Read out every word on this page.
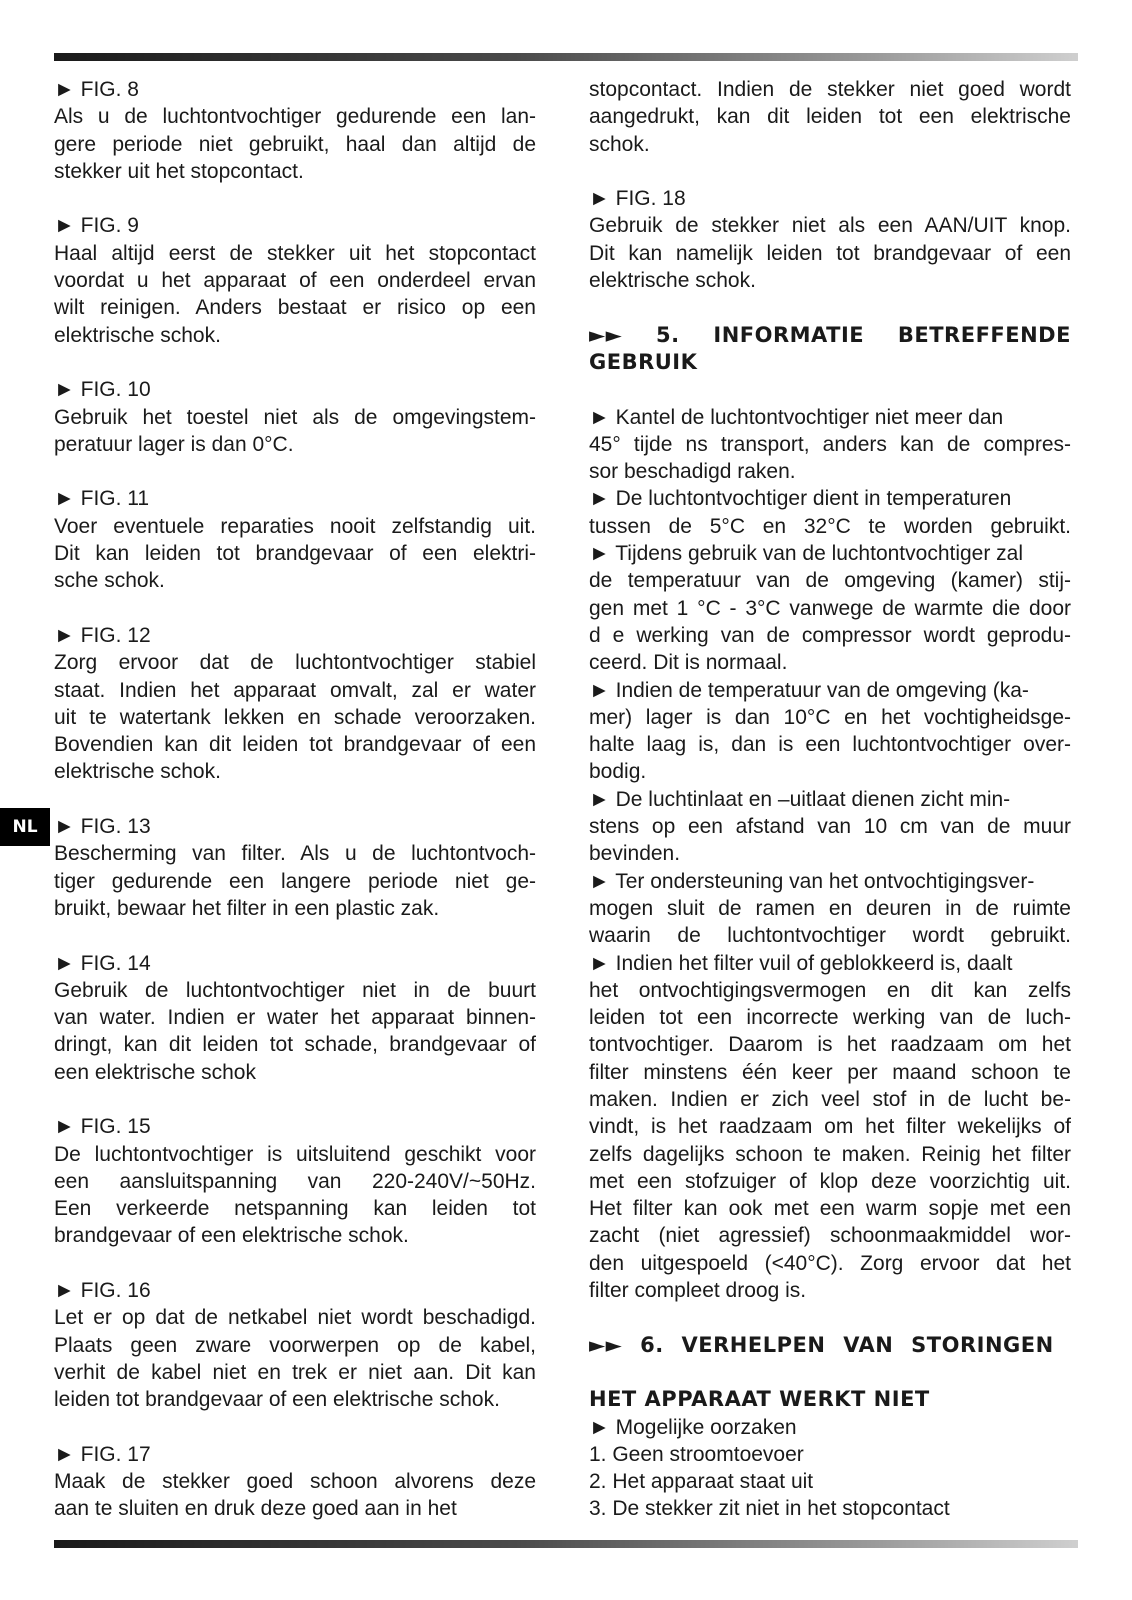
NL
► FIG. 8
Als u de luchtontvochtiger gedurende een lan-
gere periode niet gebruikt, haal dan altijd de
stekker uit het stopcontact.
► FIG. 9
Haal altijd eerst de stekker uit het stopcontact
voordat u het apparaat of een onderdeel ervan
wilt reinigen. Anders bestaat er risico op een
elektrische schok.
► FIG. 10
Gebruik het toestel niet als de omgevingstem-
peratuur lager is dan 0°C.
► FIG. 11
Voer eventuele reparaties nooit zelfstandig uit.
Dit kan leiden tot brandgevaar of een elektri-
sche schok.
► FIG. 12
Zorg ervoor dat de luchtontvochtiger stabiel
staat. Indien het apparaat omvalt, zal er water
uit te watertank lekken en schade veroorzaken.
Bovendien kan dit leiden tot brandgevaar of een
elektrische schok.
► FIG. 13
Bescherming van filter. Als u de luchtontvoch-
tiger gedurende een langere periode niet ge-
bruikt, bewaar het filter in een plastic zak.
► FIG. 14
Gebruik de luchtontvochtiger niet in de buurt
van water. Indien er water het apparaat binnen-
dringt, kan dit leiden tot schade, brandgevaar of
een elektrische schok
► FIG. 15
De luchtontvochtiger is uitsluitend geschikt voor
een aansluitspanning van 220-240V/~50Hz.
Een verkeerde netspanning kan leiden tot
brandgevaar of een elektrische schok.
► FIG. 16
Let er op dat de netkabel niet wordt beschadigd.
Plaats geen zware voorwerpen op de kabel,
verhit de kabel niet en trek er niet aan. Dit kan
leiden tot brandgevaar of een elektrische schok.
► FIG. 17
Maak de stekker goed schoon alvorens deze
aan te sluiten en druk deze goed aan in het
stopcontact. Indien de stekker niet goed wordt
aangedrukt, kan dit leiden tot een elektrische
schok.
► FIG. 18
Gebruik de stekker niet als een AAN/UIT knop.
Dit kan namelijk leiden tot brandgevaar of een
elektrische schok.
►► 5. INFORMATIE BETREFFENDE
GEBRUIK
► Kantel de luchtontvochtiger niet meer dan
45° tijde ns transport, anders kan de compres-
sor beschadigd raken.
► De luchtontvochtiger dient in temperaturen
tussen de 5°C en 32°C te worden gebruikt.
► Tijdens gebruik van de luchtontvochtiger zal
de temperatuur van de omgeving (kamer) stij-
gen met 1 °C - 3°C vanwege de warmte die door
d e werking van de compressor wordt geprodu-
ceerd. Dit is normaal.
► Indien de temperatuur van de omgeving (ka-
mer) lager is dan 10°C en het vochtigheidsge-
halte laag is, dan is een luchtontvochtiger over-
bodig.
► De luchtinlaat en –uitlaat dienen zicht min-
stens op een afstand van 10 cm van de muur
bevinden.
► Ter ondersteuning van het ontvochtigingsver-
mogen sluit de ramen en deuren in de ruimte
waarin de luchtontvochtiger wordt gebruikt.
► Indien het filter vuil of geblokkeerd is, daalt
het ontvochtigingsvermogen en dit kan zelfs
leiden tot een incorrecte werking van de luch-
tontvochtiger. Daarom is het raadzaam om het
filter minstens één keer per maand schoon te
maken. Indien er zich veel stof in de lucht be-
vindt, is het raadzaam om het filter wekelijks of
zelfs dagelijks schoon te maken. Reinig het filter
met een stofzuiger of klop deze voorzichtig uit.
Het filter kan ook met een warm sopje met een
zacht (niet agressief) schoonmaakmiddel wor-
den uitgespoeld (<40°C). Zorg ervoor dat het
filter compleet droog is.
►► 6. VERHELPEN VAN STORINGEN
HET APPARAAT WERKT NIET
► Mogelijke oorzaken
1. Geen stroomtoevoer
2. Het apparaat staat uit
3. De stekker zit niet in het stopcontact
